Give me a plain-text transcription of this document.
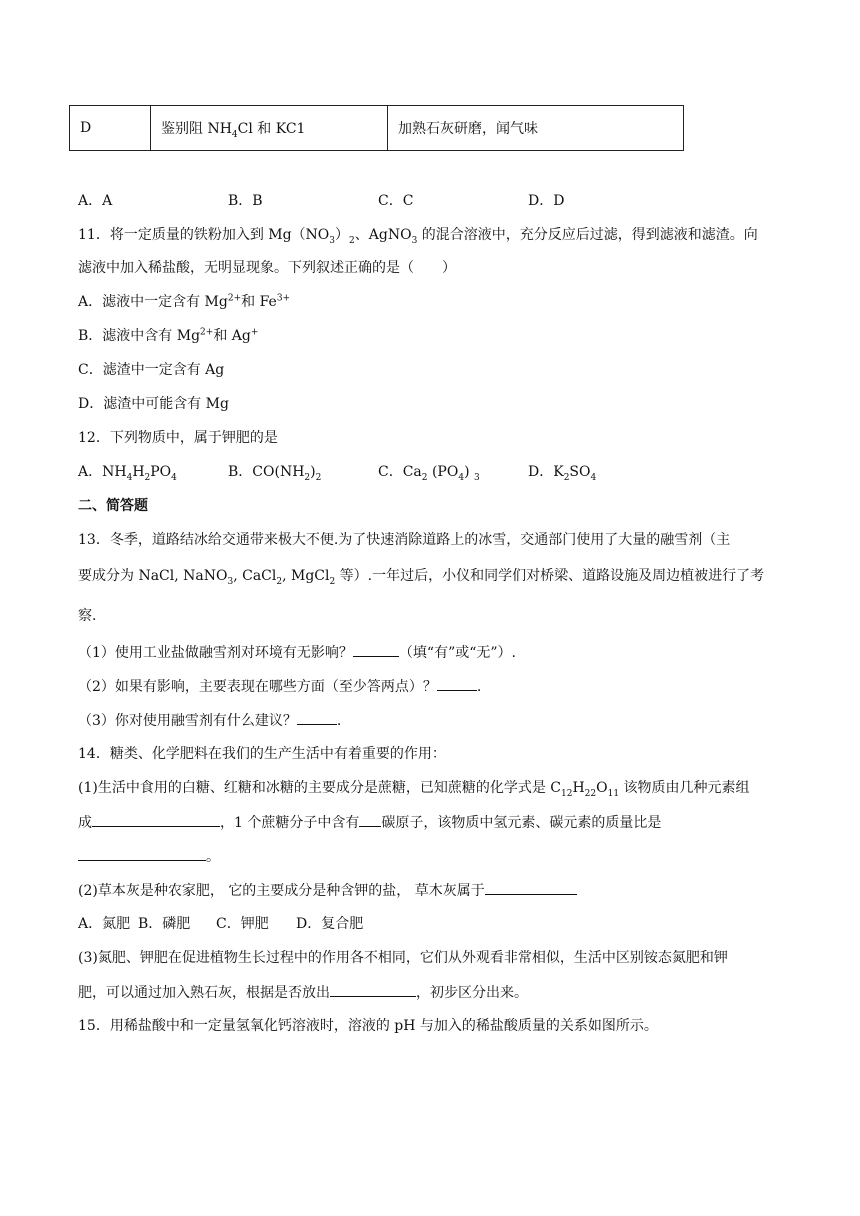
D	鉴别阻 $NH_4Cl$ 和 KC1	加熟石灰研磨，闻气味
A．A	B．B	C．C	D．D
11．将一定质量的铁粉加入到 $Mg(NO_3)_2$、AgNO$_3$ 的混合溶液中，充分反应后过滤，得到滤液和滤渣。向
滤液中加入稀盐酸，无明显现象。下列叙述正确的是（　　）
A．滤液中一定含有 $Mg^{2+}$和 $Fe^{3+}$
B．滤液中含有 $Mg^{2+}$和 Ag+
C．滤渣中一定含有 Ag
D．滤渣中可能含有 Mg
12．下列物质中，属于钾肥的是
A．$NH_4H_2PO_4$	B．$CO(NH_2)_2$	C．$Ca_2$ $(PO_4)$ $_3$	D．$K_2SO_4$
二、简答题
13．冬季，道路结冰给交通带来极大不便.为了快速消除道路上的冰雪，交通部门使用了大量的融雪剂（主
要成分为 NaCl, NaNO$_3$, CaCl$_2$, MgCl$_2$ 等）.一年过后，小仪和同学们对桥梁、道路设施及周边植被进行了考
察.
（1）使用工业盐做融雪剂对环境有无影响？	（填“有”或“无”）.
（2）如果有影响，主要表现在哪些方面（至少答两点）？	.
（3）你对使用融雪剂有什么建议？	.
14．糖类、化学肥料在我们的生产生活中有着重要的作用：
(1)生活中食用的白糖、红糖和冰糖的主要成分是蔗糖，已知蔗糖的化学式是 $C_{12}H_{22}O_{11}$ 该物质由几种元素组
成	，1 个蔗糖分子中含有 碳原子，该物质中氢元素、碳元素的质量比是
。
(2)草本灰是种农家肥， 它的主要成分是种含钾的盐， 草木灰属于
A．氮肥 B．磷肥 C．钾肥 D．复合肥
(3)氮肥、钾肥在促进植物生长过程中的作用各不相同，它们从外观看非常相似，生活中区别铵态氮肥和钾
肥，可以通过加入熟石灰，根据是否放出	，初步区分出来。
15．用稀盐酸中和一定量氢氧化钙溶液时，溶液的 pH 与加入的稀盐酸质量的关系如图所示。
